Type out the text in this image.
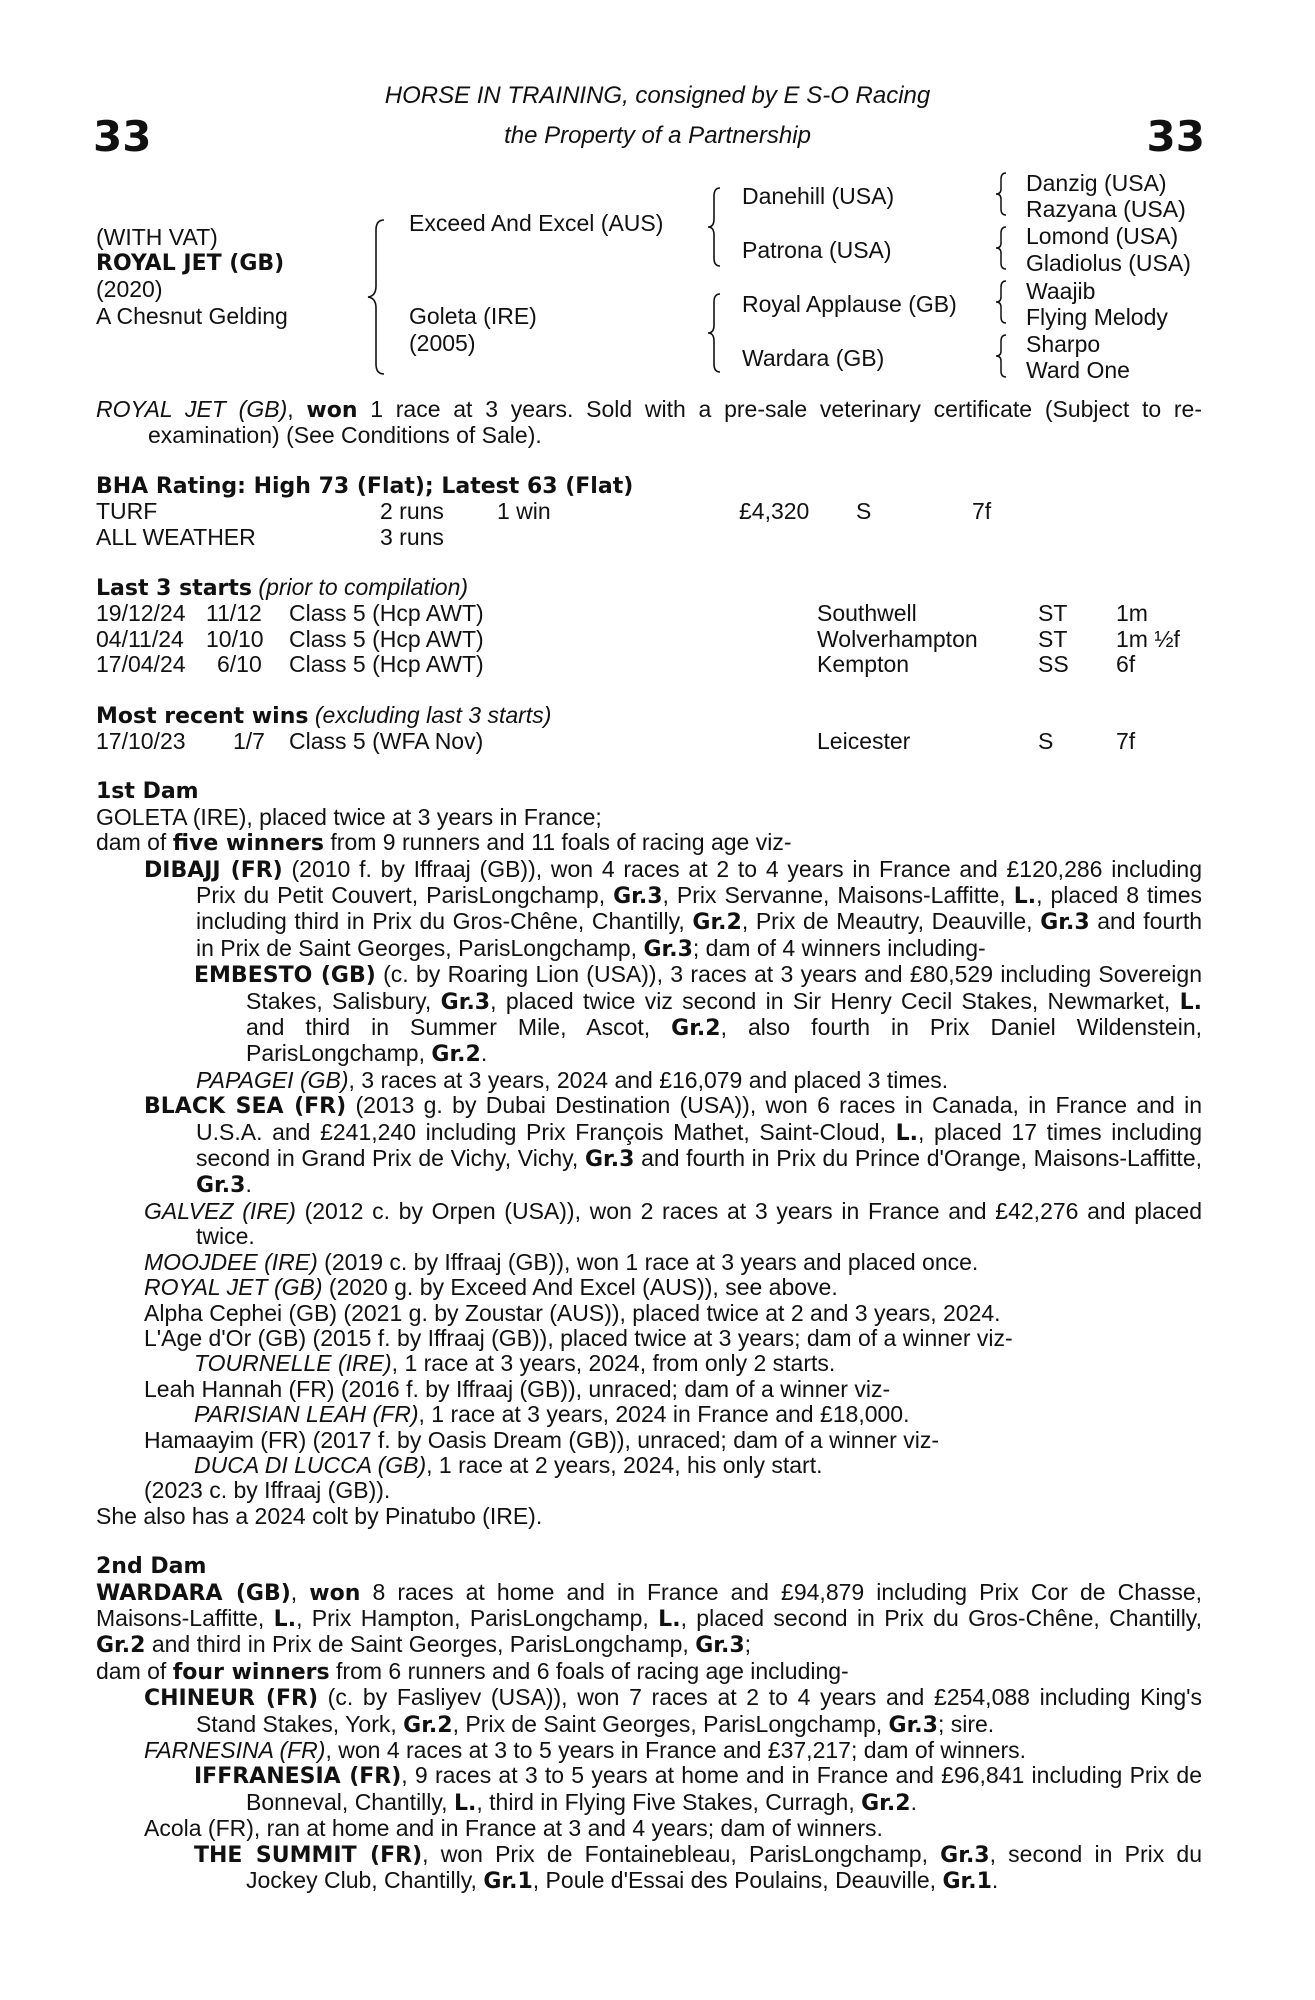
33	33
HORSE IN TRAINING, consigned by E S-O Racing
the Property of a Partnership
(WITH VAT)
ROYAL JET (GB)
(2020)
A Chesnut Gelding
Exceed And Excel (AUS)
Goleta (IRE)
(2005)
Danehill (USA)
Patrona (USA)
Royal Applause (GB)
Wardara (GB)
Danzig (USA)
Razyana (USA)
Lomond (USA)
Gladiolus (USA)
Waajib
Flying Melody
Sharpo
Ward One

ROYAL JET (GB), won 1 race at 3 years. Sold with a pre-sale veterinary certificate (Subject to re-examination) (See Conditions of Sale).

BHA Rating: High 73 (Flat); Latest 63 (Flat)
TURF	2 runs 1 win	£4,320 S	7f
ALL WEATHER	3 runs
Last 3 starts (prior to compilation)
19/12/24 11/12 Class 5 (Hcp AWT)	Southwell	ST 1m
04/11/24 10/10 Class 5 (Hcp AWT)	Wolverhampton	ST 1m ½f
17/04/24 6/10 Class 5 (Hcp AWT)	Kempton	SS 6f
Most recent wins (excluding last 3 starts)
17/10/23 1/7 Class 5 (WFA Nov)	Leicester	S	7f
1st Dam

GOLETA (IRE), placed twice at 3 years in France;

dam of five winners from 9 runners and 11 foals of racing age viz-

DIBAJJ (FR) (2010 f. by Iffraaj (GB)), won 4 races at 2 to 4 years in France and £120,286 including Prix du Petit Couvert, ParisLongchamp, Gr.3, Prix Servanne, Maisons-Laffitte, L., placed 8 times including third in Prix du Gros-Chêne, Chantilly, Gr.2, Prix de Meautry, Deauville, Gr.3 and fourth in Prix de Saint Georges, ParisLongchamp, Gr.3; dam of 4 winners including-

EMBESTO (GB) (c. by Roaring Lion (USA)), 3 races at 3 years and £80,529 including Sovereign Stakes, Salisbury, Gr.3, placed twice viz second in Sir Henry Cecil Stakes, Newmarket, L. and third in Summer Mile, Ascot, Gr.2, also fourth in Prix Daniel Wildenstein, ParisLongchamp, Gr.2.

PAPAGEI (GB), 3 races at 3 years, 2024 and £16,079 and placed 3 times.

BLACK SEA (FR) (2013 g. by Dubai Destination (USA)), won 6 races in Canada, in France and in U.S.A. and £241,240 including Prix François Mathet, Saint-Cloud, L., placed 17 times including second in Grand Prix de Vichy, Vichy, Gr.3 and fourth in Prix du Prince d'Orange, Maisons-Laffitte, Gr.3.

GALVEZ (IRE) (2012 c. by Orpen (USA)), won 2 races at 3 years in France and £42,276 and placed twice.

MOOJDEE (IRE) (2019 c. by Iffraaj (GB)), won 1 race at 3 years and placed once.

ROYAL JET (GB) (2020 g. by Exceed And Excel (AUS)), see above.

Alpha Cephei (GB) (2021 g. by Zoustar (AUS)), placed twice at 2 and 3 years, 2024.

L'Age d'Or (GB) (2015 f. by Iffraaj (GB)), placed twice at 3 years; dam of a winner viz-

TOURNELLE (IRE), 1 race at 3 years, 2024, from only 2 starts.

Leah Hannah (FR) (2016 f. by Iffraaj (GB)), unraced; dam of a winner viz-

PARISIAN LEAH (FR), 1 race at 3 years, 2024 in France and £18,000.

Hamaayim (FR) (2017 f. by Oasis Dream (GB)), unraced; dam of a winner viz-

DUCA DI LUCCA (GB), 1 race at 2 years, 2024, his only start.

(2023 c. by Iffraaj (GB)).

She also has a 2024 colt by Pinatubo (IRE).

2nd Dam

WARDARA (GB), won 8 races at home and in France and £94,879 including Prix Cor de Chasse, Maisons-Laffitte, L., Prix Hampton, ParisLongchamp, L., placed second in Prix du Gros-Chêne, Chantilly, Gr.2 and third in Prix de Saint Georges, ParisLongchamp, Gr.3;

dam of four winners from 6 runners and 6 foals of racing age including-

CHINEUR (FR) (c. by Fasliyev (USA)), won 7 races at 2 to 4 years and £254,088 including King's Stand Stakes, York, Gr.2, Prix de Saint Georges, ParisLongchamp, Gr.3; sire.

FARNESINA (FR), won 4 races at 3 to 5 years in France and £37,217; dam of winners.

IFFRANESIA (FR), 9 races at 3 to 5 years at home and in France and £96,841 including Prix de Bonneval, Chantilly, L., third in Flying Five Stakes, Curragh, Gr.2.

Acola (FR), ran at home and in France at 3 and 4 years; dam of winners.

THE SUMMIT (FR), won Prix de Fontainebleau, ParisLongchamp, Gr.3, second in Prix du Jockey Club, Chantilly, Gr.1, Poule d'Essai des Poulains, Deauville, Gr.1.
